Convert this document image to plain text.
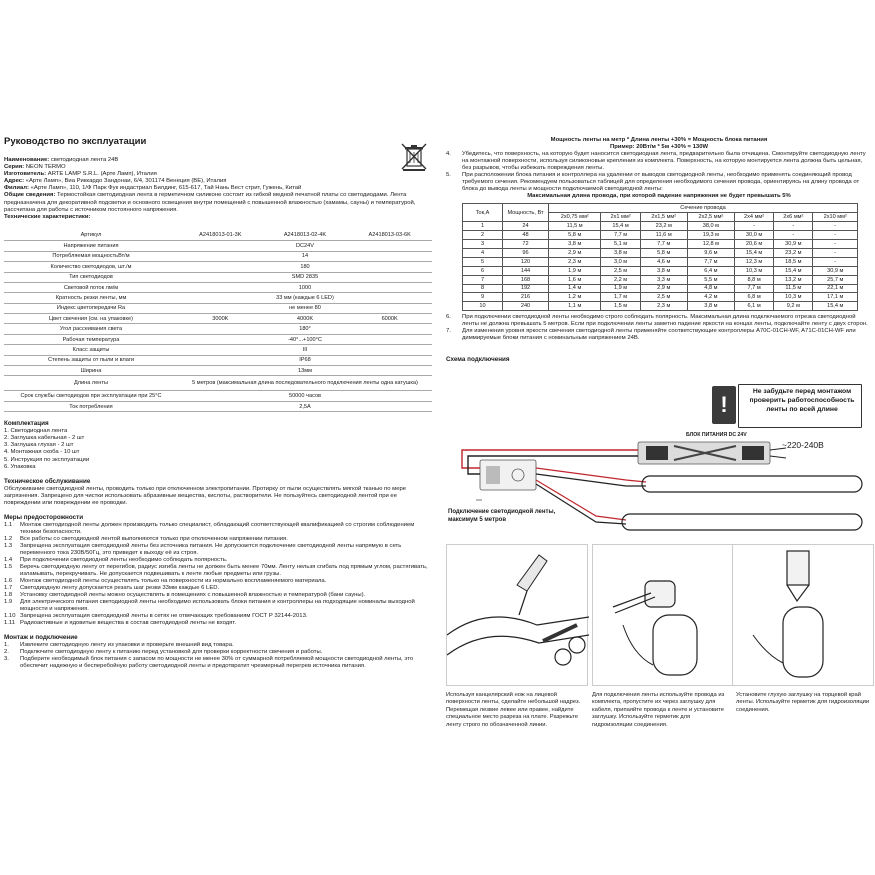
Руководство по эксплуатации
Наименование: светодиодная лента 24В
Серия: NEON TERMO
Изготовитель: ARTE LAMP S.R.L. (Арте Ламп), Италия
Адрес: «Арте Ламп», Виа Риккардо Зандонаи, 6/4, 301174 Венеция (ВЕ), Италия
Филиал: «Арте Ламп», 110, 1/Ф Парк Фук индастриал Билдинг, 615-617, Тай Нань Вест стрит, Гужень, Китай
Общие сведения: Термостойкая светодиодная лента в герметичном силиконе состоит из гибкой медной печатной платы со светодиодами. Лента предназначена для декоративной подсветки и основного освещения внутри помещений с повышенной влажностью (хамамы, сауны) и температурой, рассчитана для работы с источником постоянного напряжения.
Технические характеристики:
Артикул	A2418013-01-3K	A2418013-02-4K	A2418013-03-6K
Напряжение питания	DC24V		
Потребляемая мощностьВт/м	14		
Количество светодиодов, шт./м	180		
Тип светодиодов	SMD 2835		
Световой поток лм/м	1000		
Кратность резки ленты, мм	33 мм (каждые 6 LED)		
Индекс цветопередачи Ra	не менее 80		
Цвет свечения (см. на упаковке)	3000K	4000K	6000K
Угол рассеивания света	180°		
Рабочая температура	-40°...+100°C		
Класс защиты	III		
Степень защиты от пыли и влаги	IP68		
Ширина	13мм		
Длина ленты	5 метров (максимальная длина последовательного подключения ленты одна катушка)		
Срок службы светодиодов при эксплуатации при 25°C	50000 часов		
Ток потребления	2,5А		
Комплектация
1. Светодиодная лента
2. Заглушка кабельная - 2 шт
3. Заглушка глухая - 2 шт
4. Монтажная скоба - 10 шт
5. Инструкция по эксплуатации
6. Упаковка
Техническое обслуживание
Обслуживание светодиодной ленты, проводить только при отключенном электропитании. Протирку от пыли осуществлять мягкой тканью по мере загрязнения. Запрещено для чистки использовать абразивные вещества, кислоты, растворители. Не пользуйтесь светодиодной лентой при ее повреждении или повреждении ее проводки.
Меры предосторожности
1.1	Монтаж светодиодной ленты должен производить только специалист, обладающий соответствующей квалификацией со строгим соблюдением техники безопасности.
1.2	Все работы со светодиодной лентой выполняются только при отключенном напряжении питания.
1.3	Запрещена эксплуатация светодиодной ленты без источника питания. Не допускается подключение светодиодной ленты напрямую в сеть переменного тока 230В/50Гц, это приведет к выходу её из строя.
1.4	При подключении светодиодной ленты необходимо соблюдать полярность.
1.5	Беречь светодиодную ленту от перегибов, радиус изгиба ленты не должен быть менее 70мм. Ленту нельзя сгибать под прямым углом, растягивать, изламывать, перекручивать. Не допускается подвешивать к ленте любые предметы или грузы.
1.6	Монтаж светодиодной ленты осуществлять только на поверхности из нормально воспламеняемого материала.
1.7	Светодиодную ленту допускается резать шаг резки 33мм каждые 6 LED.
1.8	Установку светодиодной ленты можно осуществлять в помещениях с повышенной влажностью и температурой (бани сауны).
1.9	Для электрического питания светодиодной ленты необходимо использовать блоки питания и контроллеры на подходящие номиналы выходной мощности и напряжения.
1.10 Запрещена эксплуатация светодиодной ленты в сетях не отвечающих требованиям ГОСТ Р 32144-2013.
1.11 Радиоактивные и ядовитые вещества в состав светодиодной ленты не входят.
Монтаж и подключение
1.	Извлеките светодиодную ленту из упаковки и проверьте внешний вид товара.
2.	Подключите светодиодную ленту к питанию перед установкой для проверки корректности свечения и работы.
3.	Подберите необходимый блок питания с запасом по мощности не менее 30% от суммарной потребляемой мощности светодиодной ленты, это обеспечит надежную и бесперебойную работу светодиодной ленты и предотвратит чрезмерный перегрев источника питания.
Мощность ленты на метр * Длина ленты +30% = Мощность блока питания
Пример: 20Вт/м * 5м +30% = 130W
4.	Убедитесь, что поверхность, на которую будет наносится светодиодная лента, предварительно была отчищена. Смонтируйте светодиодную ленту на монтажной поверхности, используя силиконовые крепления из комплекта. Поверхность, на которую монтируется лента должна быть цельная, без разрывов, чтобы избежать повреждения ленты.
5.	При расположении блока питания и контроллера на удалении от выводов светодиодной ленты, необходимо применять соединяющий провод требуемого сечения. Рекомендуем пользоваться таблицей для определения необходимого сечения провода, ориентируясь на длину провода от блока до вывода ленты и мощности подключаемой светодиодной ленты:
Максимальная длина провода, при которой падение напряжения не будет превышать 5%
Ток,А	Мощность, Вт	Сечение провода						
		2x0,75 мм²	2x1 мм²	2x1,5 мм²	2x2,5 мм²	2x4 мм²	2x6 мм²	2x10 мм²
1	24	11,5 м	15,4 м	23,2 м	38,0 м	-	-	-
2	48	5,8 м	7,7 м	11,6 м	19,3 м	30,0 м	-	-
3	72	3,8 м	5,1 м	7,7 м	12,8 м	20,6 м	30,9 м	-
4	96	2,9 м	3,8 м	5,8 м	9,6 м	15,4 м	23,2 м	-
5	120	2,3 м	3,0 м	4,6 м	7,7 м	12,3 м	18,5 м	-
6	144	1,9 м	2,5 м	3,8 м	6,4 м	10,3 м	15,4 м	30,9 м
7	168	1,6 м	2,2 м	3,3 м	5,5 м	8,8 м	13,2 м	25,7 м
8	192	1,4 м	1,9 м	2,9 м	4,8 м	7,7 м	11,5 м	22,1 м
9	216	1,2 м	1,7 м	2,5 м	4,2 м	6,8 м	10,3 м	17,1 м
10	240	1,1 м	1,5 м	2,3 м	3,8 м	6,1 м	9,2 м	15,4 м
6.	При подключении светодиодной ленты необходимо строго соблюдать полярность. Максимальная длина подключаемого отрезка светодиодной ленты не должна превышать 5 метров. Если при подключении ленты заметно падение яркости на концах ленты, подключайте ленту с двух сторон.
7.	Для изменения уровня яркости свечения светодиодной ленты применяйте соответствующие контроллеры A70C-01CH-WF, A71C-01CH-WF или диммируемые блоки питания с номинальным напряжением 24В.
Схема подключения
!
Не забудьте перед монтажом проверить работоспособность ленты по всей длине
БЛОК ПИТАНИЯ DC 24V
~220-240В
Подключение светодиодной ленты, максимум 5 метров
Используя канцелярский нож на лицевой поверхности ленты, сделайте небольшой надрез. Перемещая лезвие левее или правее, найдите специальное место разреза на плате. Разрежьте ленту строго по обозначенной линии.
Для подключения ленты используйте провода из комплекта, пропустите их через заглушку для кабеля, припаяйте провода к ленте и установите заглушку. Используйте герметик для гидроизоляции соединения.
Установите глухую заглушку на торцевой край ленты. Используйте герметик для гидроизоляции соединения.
